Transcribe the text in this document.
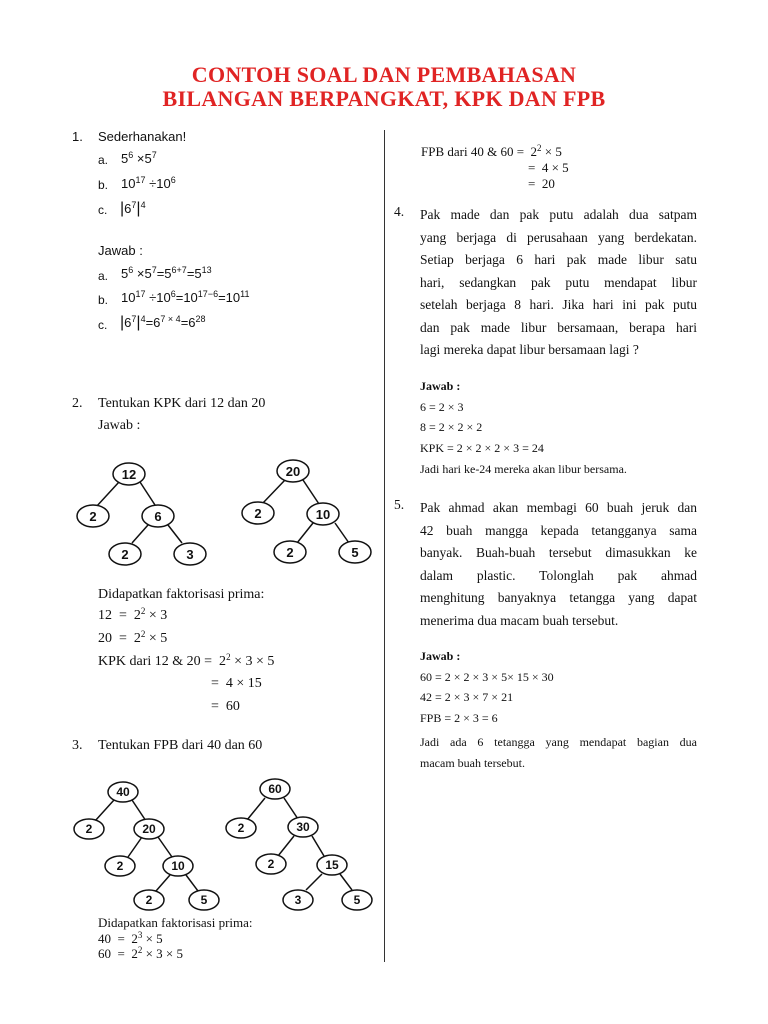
CONTOH SOAL DAN PEMBAHASAN
BILANGAN BERPANGKAT, KPK DAN FPB
1. Sederhanakan!
a. $5^6 \times 5^7$
b. $10^{17} \div 10^6$
c. $|6^7|^4$
Jawab :
a. $5^6 \times 5^7=5^{6+7}=5^{13}$
b. $10^{17} \div 10^6=10^{17-6}=10^{11}$
c. $|6^7|^4=6^{7 \times 4}=6^{28}$
2. Tentukan KPK dari 12 dan 20
Jawab :
12
2	6
2	3
20
2	10
2	5
Didapatkan faktorisasi prima:
$12 = 2^2 \times 3$
$20 = 2^2 \times 5$
KPK dari 12 & $20 = 2^2 \times 3 \times 5$
=  4 × 15
=  60
3. Tentukan FPB dari 40 dan 60
40
2	20
2	10
2	5
60
2	30
2	15
3	5
Didapatkan faktorisasi prima:
$40 = 2^3 \times 5$
$60 = 2^2 \times 3 \times 5$
FPB dari 40 & $60 = 2^2 \times 5$
=  4 × 5
=  20
4. Pak made dan pak putu adalah dua satpam
yang berjaga di perusahaan yang berdekatan.
Setiap berjaga 6 hari pak made libur satu
hari, sedangkan pak putu mendapat libur
setelah berjaga 8 hari. Jika hari ini pak putu
dan pak made libur bersamaan, berapa hari
lagi mereka dapat libur bersamaan lagi ?
Jawab :
6 = 2 × 3
8 = 2 × 2 × 2
KPK = 2 × 2 × 2 × 3 = 24
Jadi hari ke-24 mereka akan libur bersama.
5. Pak ahmad akan membagi 60 buah jeruk dan
42 buah mangga kepada tetangganya sama
banyak. Buah-buah tersebut dimasukkan ke
dalam plastic. Tolonglah pak ahmad
menghitung banyaknya tetangga yang dapat
menerima dua macam buah tersebut.
Jawab :
60 = 2 × 2 × 3 × 5× 15 × 30
42 = 2 × 3 × 7 × 21
FPB = 2 × 3 = 6
Jadi ada 6 tetangga yang mendapat bagian dua
macam buah tersebut.
